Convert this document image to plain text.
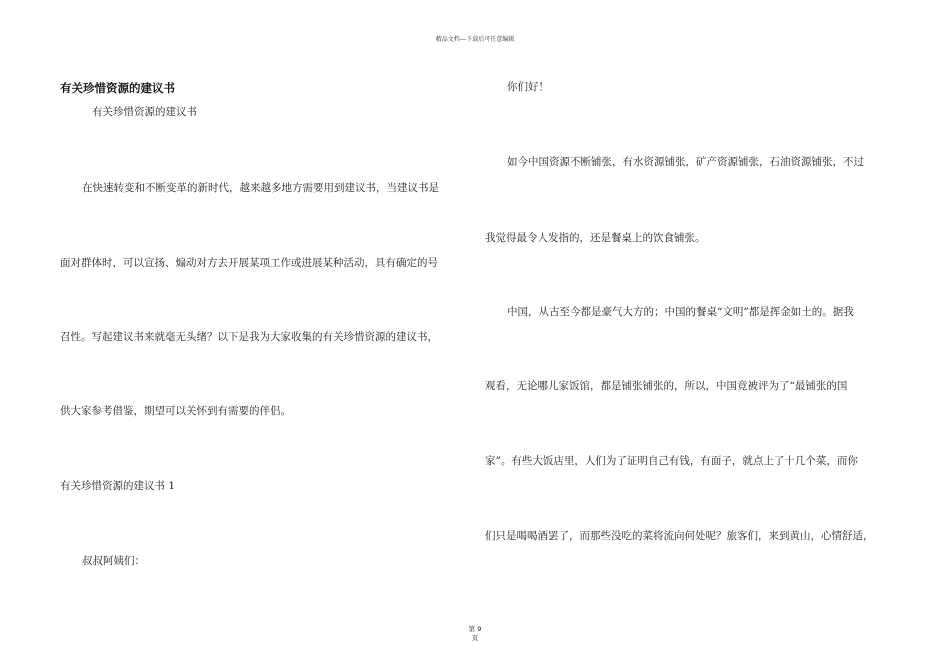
精品文档---下载后可任意编辑
有关珍惜资源的建议书
有关珍惜资源的建议书
在快速转变和不断变革的新时代，越来越多地方需要用到建议书，当建议书是
面对群体时，可以宣扬、煽动对方去开展某项工作或进展某种活动，具有确定的号
召性。写起建议书来就毫无头绪？以下是我为大家收集的有关珍惜资源的建议书，
供大家参考借鉴，期望可以关怀到有需要的伴侣。
有关珍惜资源的建议书 1
叔叔阿姨们：
你们好！
如今中国资源不断铺张，有水资源铺张，矿产资源铺张，石油资源铺张，不过
我觉得最令人发指的，还是餐桌上的饮食铺张。
中国，从古至今都是豪气大方的；中国的餐桌“文明”都是挥金如土的。据我
观看，无论哪儿家饭馆，都是铺张铺张的，所以，中国竟被评为了“最铺张的国
家”。有些大饭店里，人们为了证明自己有钱，有面子，就点上了十几个菜，而你
们只是喝喝酒罢了，而那些没吃的菜将流向何处呢？旅客们，来到黄山，心情舒适，
第 9
页
